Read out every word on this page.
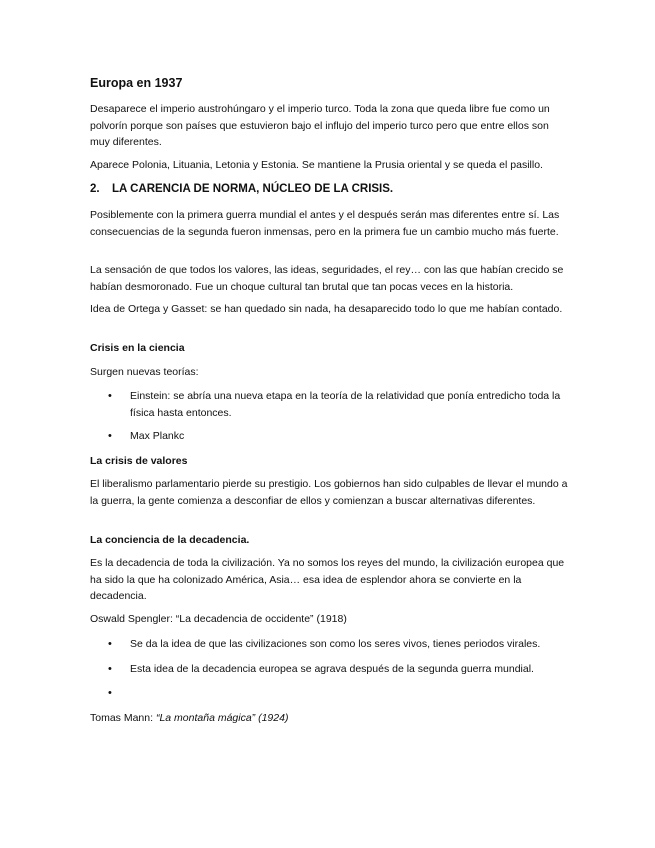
Europa en 1937

Desaparece el imperio austrohúngaro y el imperio turco. Toda la zona que queda libre fue como un polvorín porque son países que estuvieron bajo el influjo del imperio turco pero que entre ellos son muy diferentes.

Aparece Polonia, Lituania, Letonia y Estonia. Se mantiene la Prusia oriental y se queda el pasillo.

2. LA CARENCIA DE NORMA, NÚCLEO DE LA CRISIS.

Posiblemente con la primera guerra mundial el antes y el después serán mas diferentes entre sí. Las consecuencias de la segunda fueron inmensas, pero en la primera fue un cambio mucho más fuerte.

La sensación de que todos los valores, las ideas, seguridades, el rey… con las que habían crecido se habían desmoronado. Fue un choque cultural tan brutal que tan pocas veces en la historia.

Idea de Ortega y Gasset: se han quedado sin nada, ha desaparecido todo lo que me habían contado.

Crisis en la ciencia

Surgen nuevas teorías:

•	Einstein: se abría una nueva etapa en la teoría de la relatividad que ponía entredicho toda la física hasta entonces.

•	Max Plankc

La crisis de valores

El liberalismo parlamentario pierde su prestigio. Los gobiernos han sido culpables de llevar el mundo a la guerra, la gente comienza a desconfiar de ellos y comienzan a buscar alternativas diferentes.

La conciencia de la decadencia.

Es la decadencia de toda la civilización. Ya no somos los reyes del mundo, la civilización europea que ha sido la que ha colonizado América, Asia… esa idea de esplendor ahora se convierte en la decadencia.

Oswald Spengler: “La decadencia de occidente” (1918)

•	Se da la idea de que las civilizaciones son como los seres vivos, tienes periodos virales.

•	Esta idea de la decadencia europea se agrava después de la segunda guerra mundial.

•

Tomas Mann: “La montaña mágica” (1924)
